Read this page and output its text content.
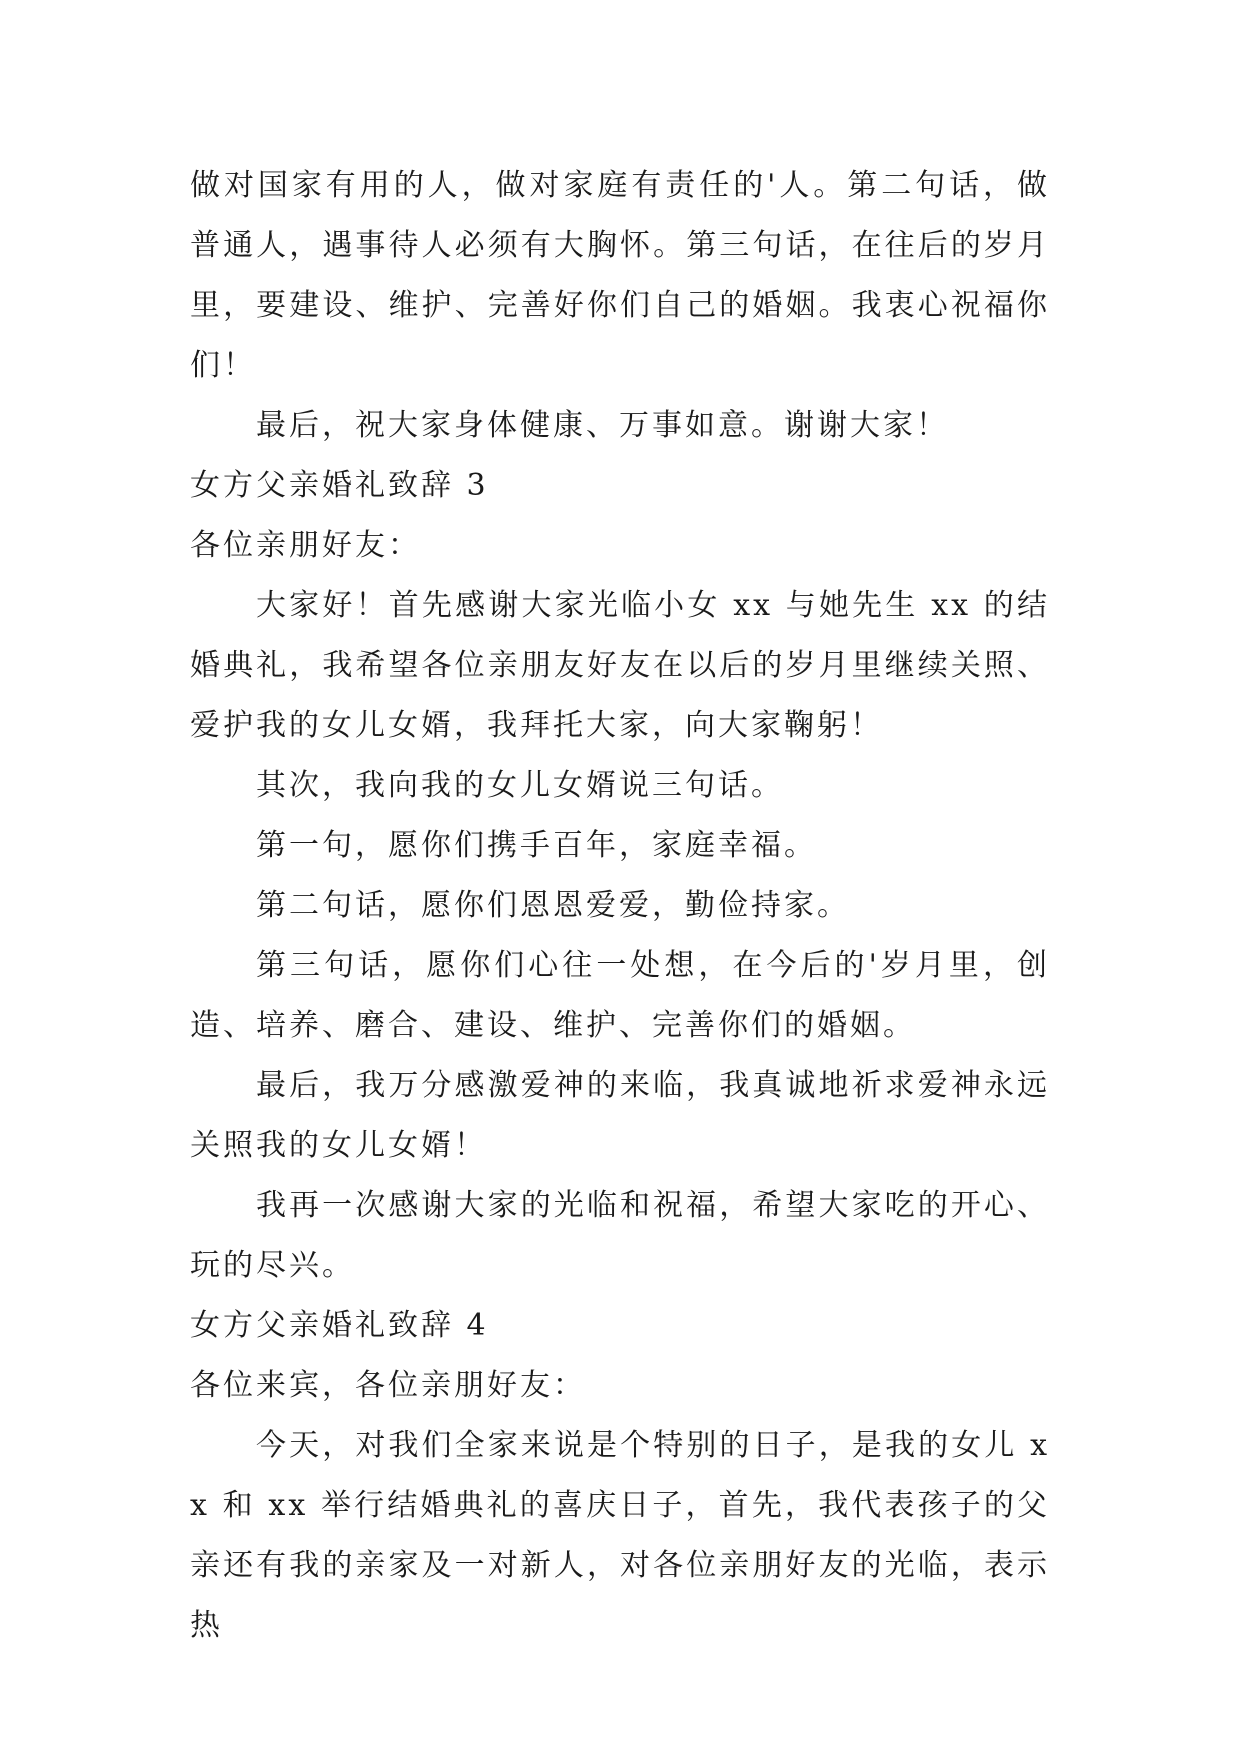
做对国家有用的人，做对家庭有责任的'人。第二句话，做普通人，遇事待人必须有大胸怀。第三句话，在往后的岁月里，要建设、维护、完善好你们自己的婚姻。我衷心祝福你们！

最后，祝大家身体健康、万事如意。谢谢大家！

女方父亲婚礼致辞 3

各位亲朋好友：

大家好！首先感谢大家光临小女 xx 与她先生 xx 的结婚典礼，我希望各位亲朋友好友在以后的岁月里继续关照、爱护我的女儿女婿，我拜托大家，向大家鞠躬！

其次，我向我的女儿女婿说三句话。

第一句，愿你们携手百年，家庭幸福。

第二句话，愿你们恩恩爱爱，勤俭持家。

第三句话，愿你们心往一处想，在今后的'岁月里，创造、培养、磨合、建设、维护、完善你们的婚姻。

最后，我万分感激爱神的来临，我真诚地祈求爱神永远关照我的女儿女婿！

我再一次感谢大家的光临和祝福，希望大家吃的开心、玩的尽兴。

女方父亲婚礼致辞 4

各位来宾，各位亲朋好友：

今天，对我们全家来说是个特别的日子，是我的女儿 xx 和 xx 举行结婚典礼的喜庆日子，首先，我代表孩子的父亲还有我的亲家及一对新人，对各位亲朋好友的光临，表示热
